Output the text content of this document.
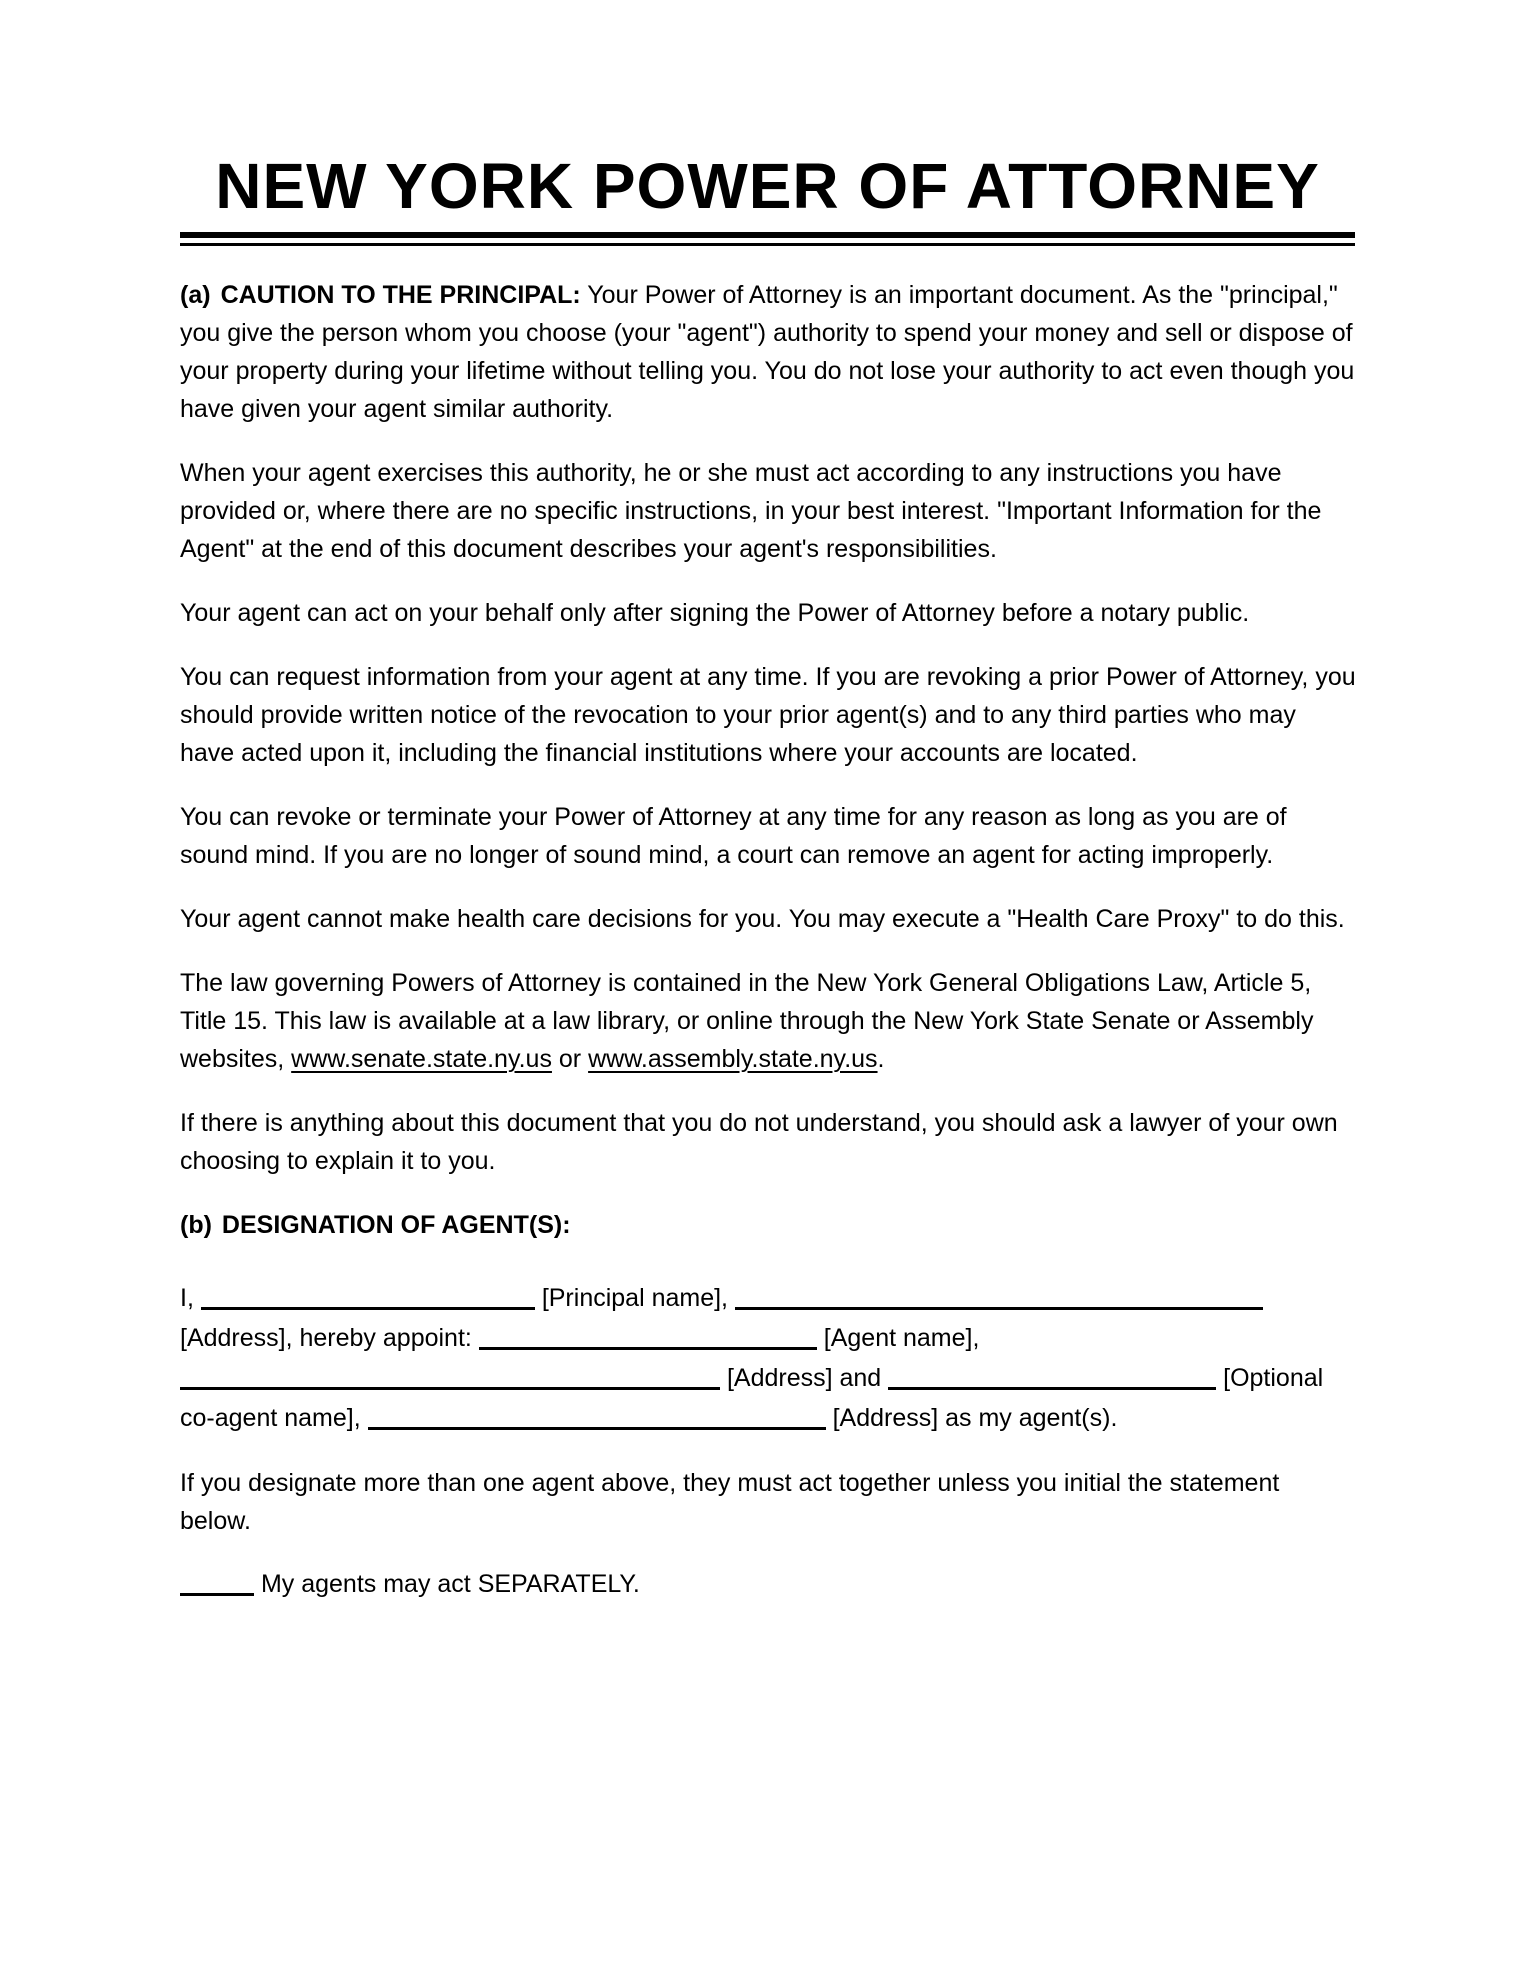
NEW YORK POWER OF ATTORNEY

(a) CAUTION TO THE PRINCIPAL: Your Power of Attorney is an important document. As the "principal," you give the person whom you choose (your "agent") authority to spend your money and sell or dispose of your property during your lifetime without telling you. You do not lose your authority to act even though you have given your agent similar authority.

When your agent exercises this authority, he or she must act according to any instructions you have provided or, where there are no specific instructions, in your best interest. "Important Information for the Agent" at the end of this document describes your agent's responsibilities.

Your agent can act on your behalf only after signing the Power of Attorney before a notary public.

You can request information from your agent at any time. If you are revoking a prior Power of Attorney, you should provide written notice of the revocation to your prior agent(s) and to any third parties who may have acted upon it, including the financial institutions where your accounts are located.

You can revoke or terminate your Power of Attorney at any time for any reason as long as you are of sound mind. If you are no longer of sound mind, a court can remove an agent for acting improperly.

Your agent cannot make health care decisions for you. You may execute a "Health Care Proxy" to do this.

The law governing Powers of Attorney is contained in the New York General Obligations Law, Article 5, Title 15. This law is available at a law library, or online through the New York State Senate or Assembly websites, www.senate.state.ny.us or www.assembly.state.ny.us.

If there is anything about this document that you do not understand, you should ask a lawyer of your own choosing to explain it to you.

(b) DESIGNATION OF AGENT(S):

I,	[Principal name],
[Address], hereby appoint:	[Agent name],
[Address] and	[Optional
co-agent name],	[Address] as my agent(s).

If you designate more than one agent above, they must act together unless you initial the statement below.

My agents may act SEPARATELY.
